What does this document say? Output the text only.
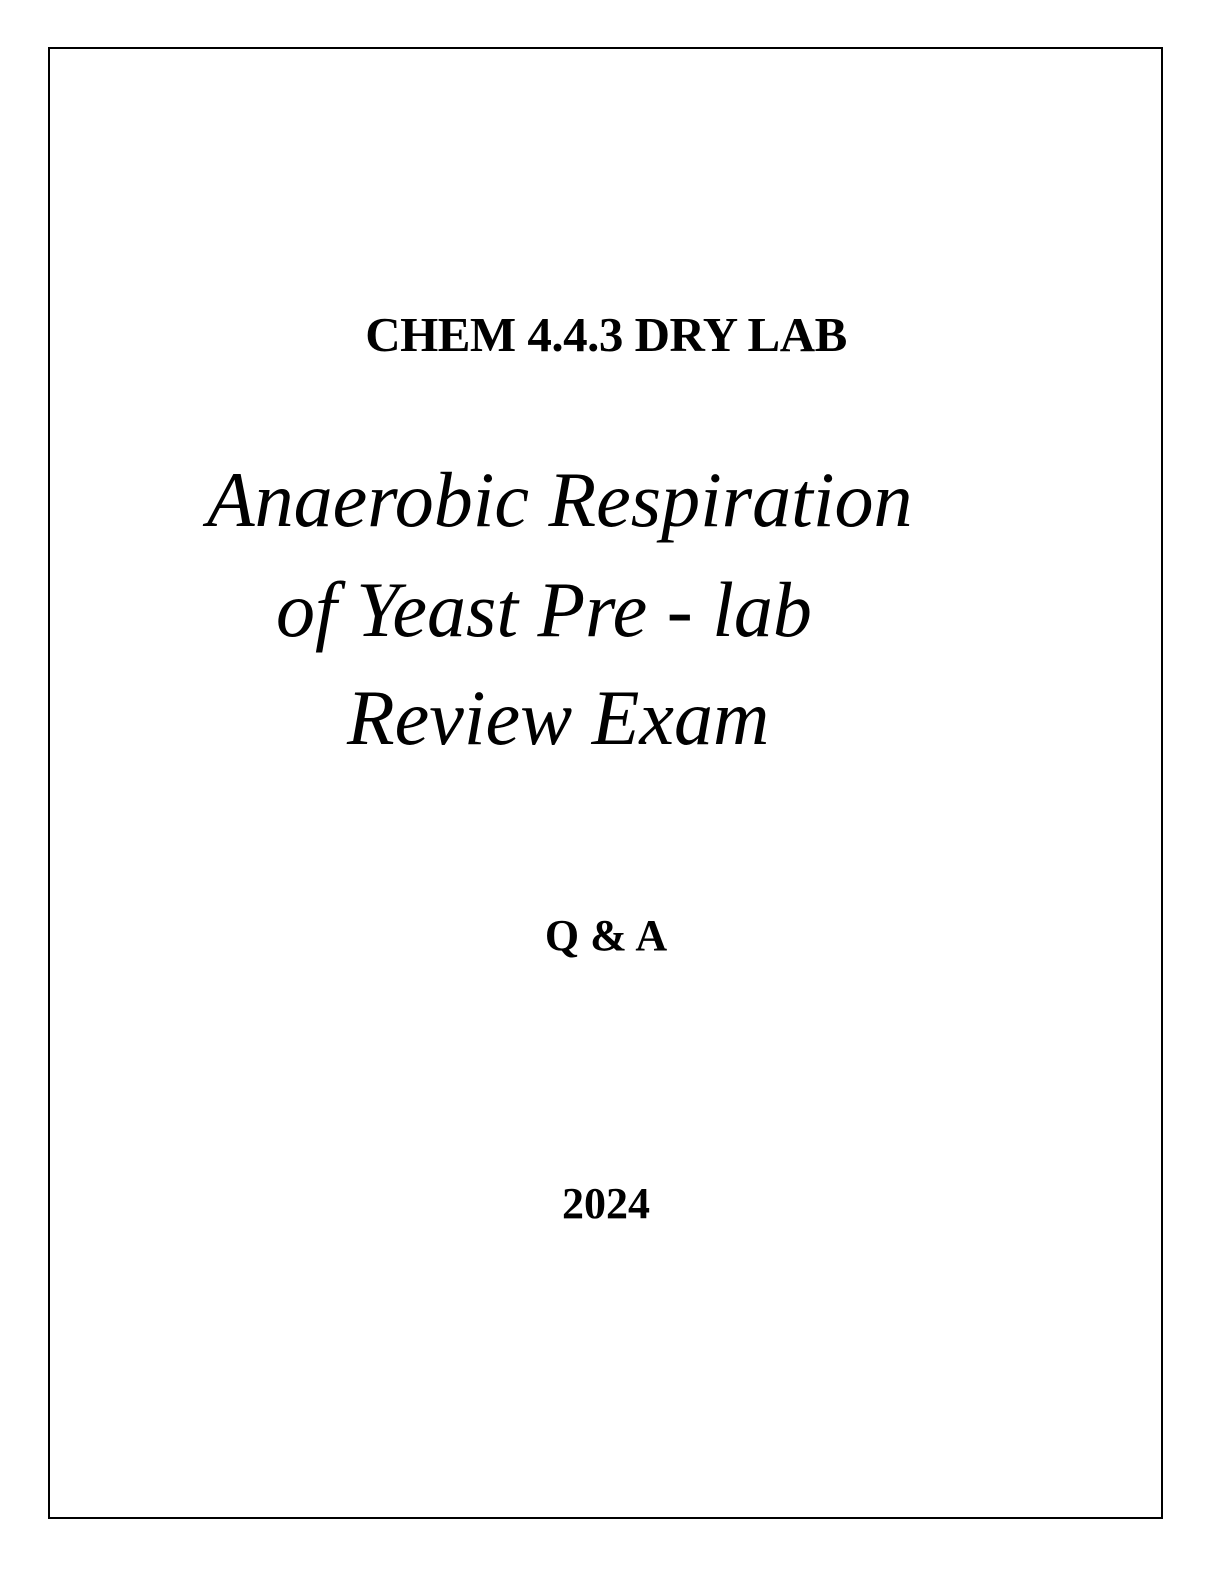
CHEM 4.4.3 DRY LAB
Anaerobic Respiration
of Yeast Pre - lab
Review Exam
Q & A
2024
